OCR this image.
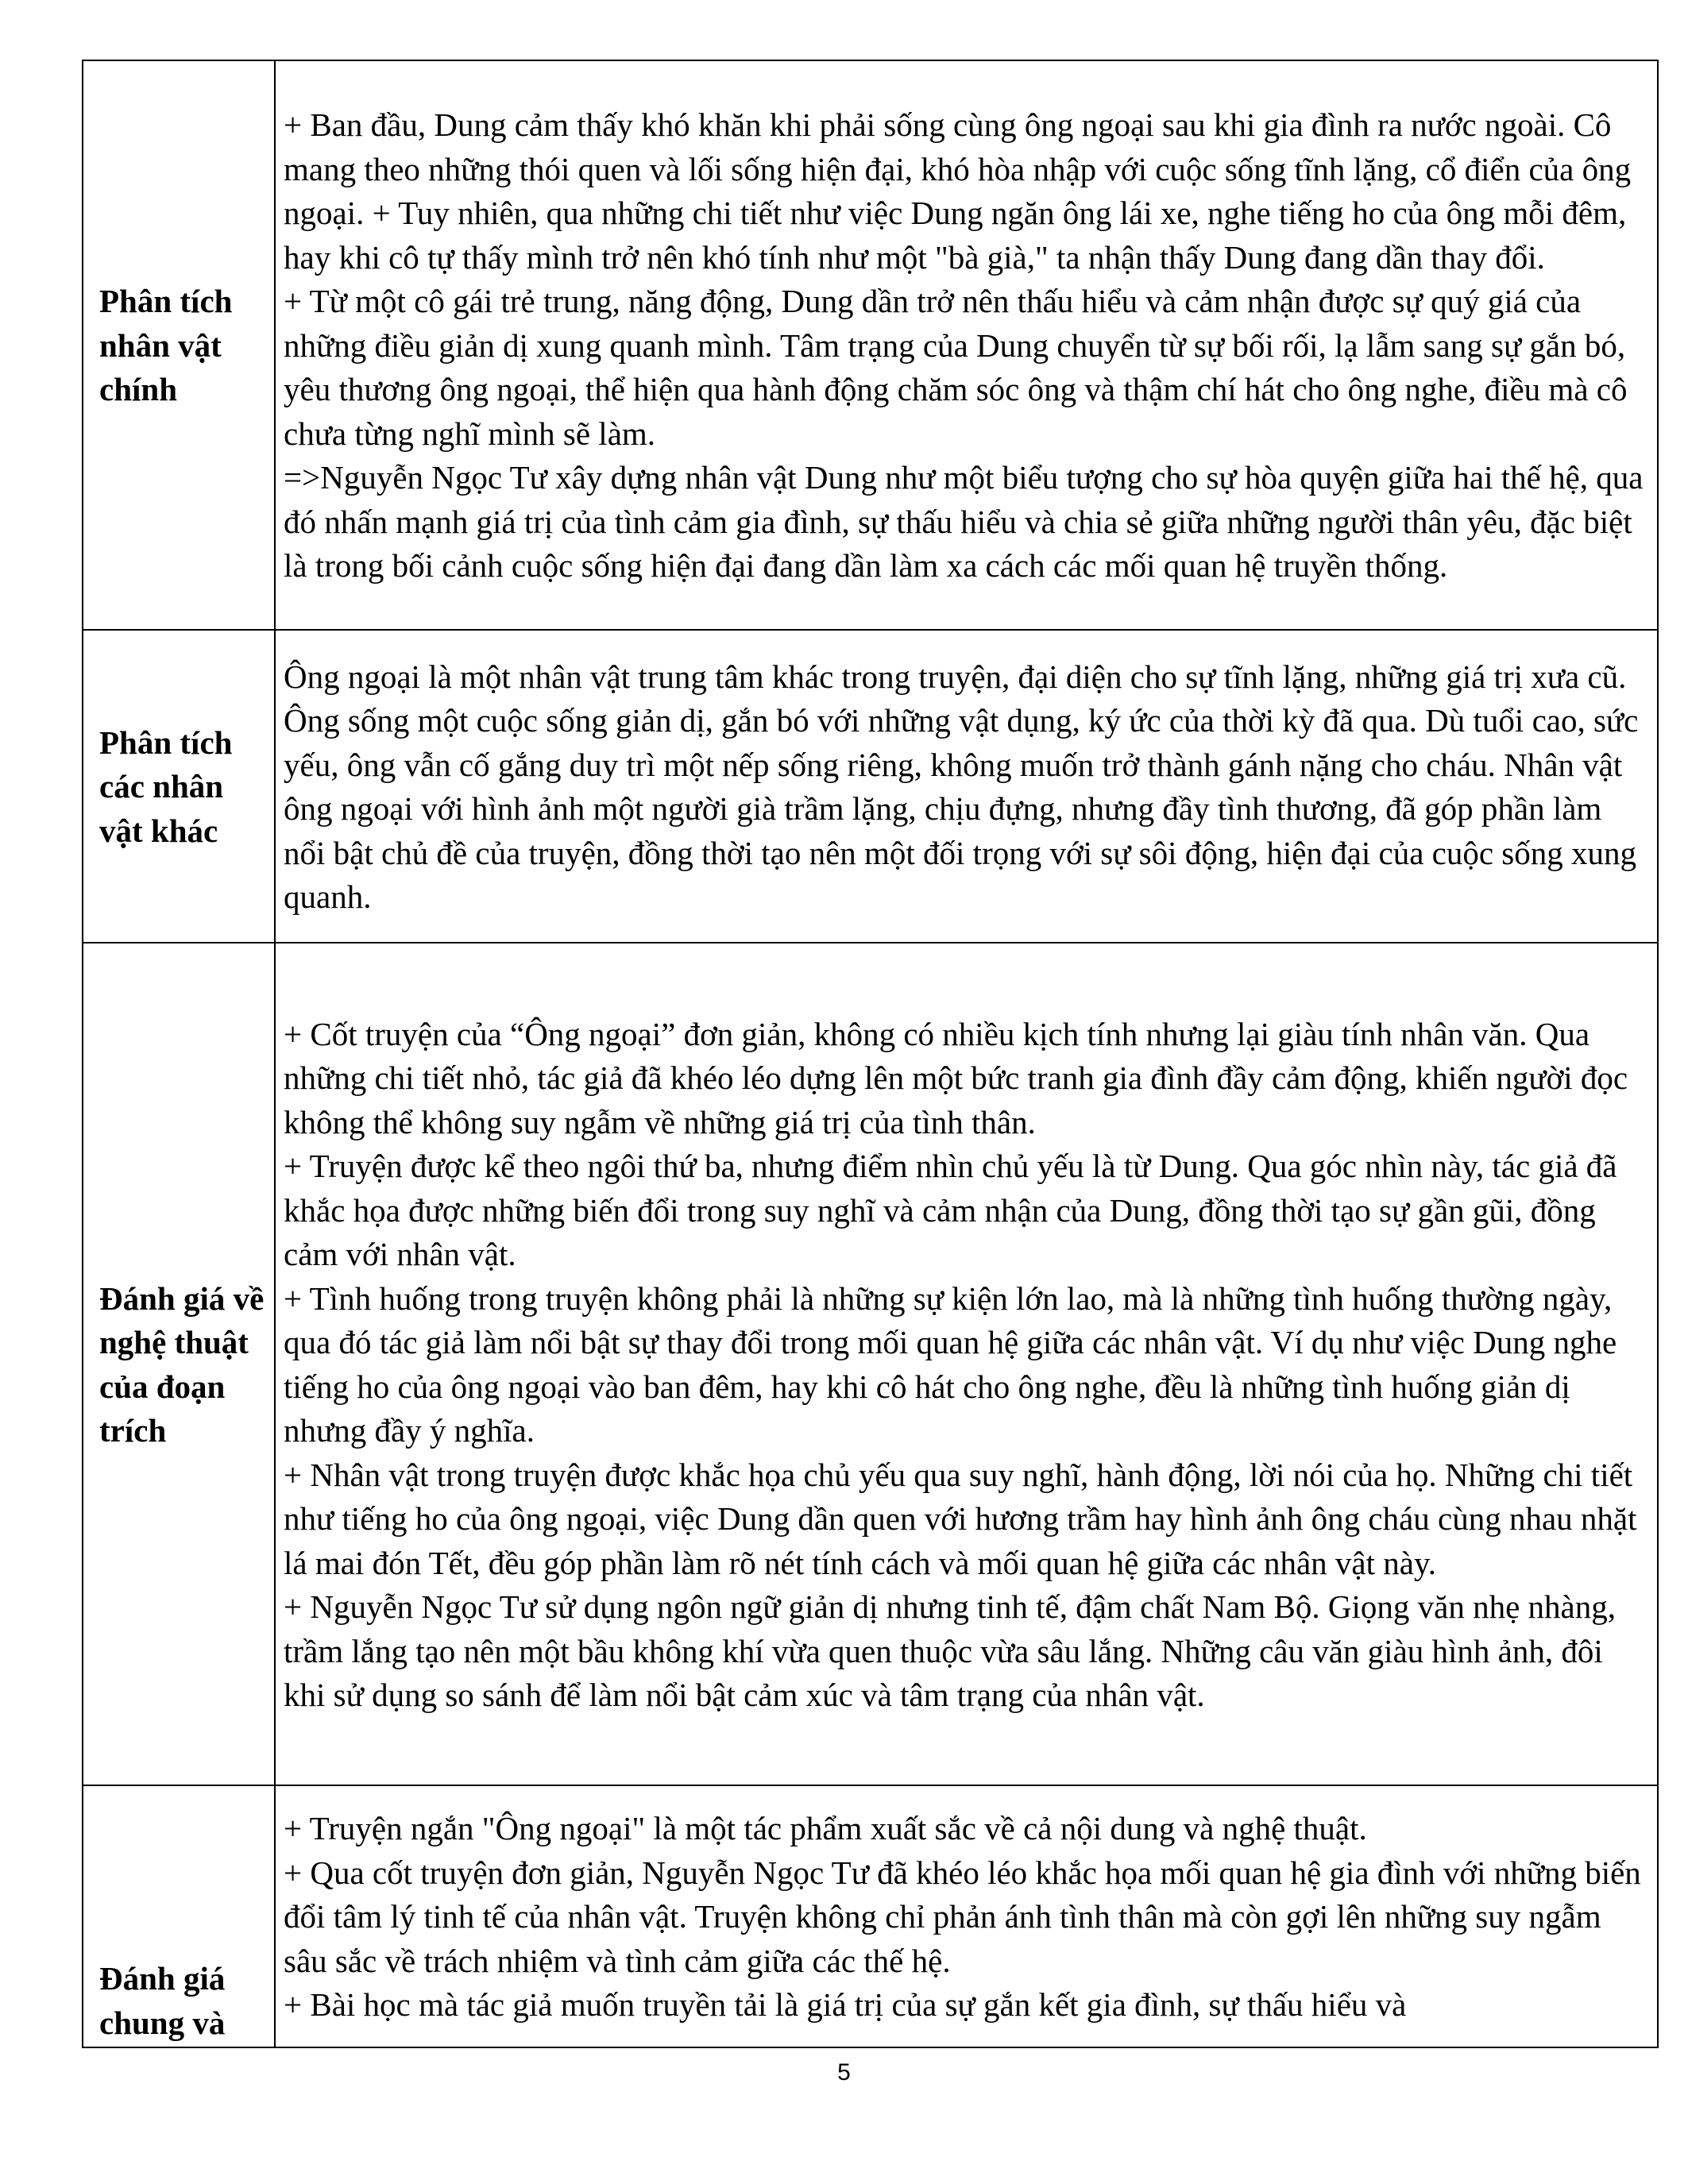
Phân tích nhân vật chính	+ Ban đầu, Dung cảm thấy khó khăn khi phải sống cùng ông ngoại sau khi gia đình ra nước ngoài. Cô mang theo những thói quen và lối sống hiện đại, khó hòa nhập với cuộc sống tĩnh lặng, cổ điển của ông ngoại. + Tuy nhiên, qua những chi tiết như việc Dung ngăn ông lái xe, nghe tiếng ho của ông mỗi đêm, hay khi cô tự thấy mình trở nên khó tính như một "bà già," ta nhận thấy Dung đang dần thay đổi.

+ Từ một cô gái trẻ trung, năng động, Dung dần trở nên thấu hiểu và cảm nhận được sự quý giá của những điều giản dị xung quanh mình. Tâm trạng của Dung chuyển từ sự bối rối, lạ lẫm sang sự gắn bó, yêu thương ông ngoại, thể hiện qua hành động chăm sóc ông và thậm chí hát cho ông nghe, điều mà cô chưa từng nghĩ mình sẽ làm.

=>Nguyễn Ngọc Tư xây dựng nhân vật Dung như một biểu tượng cho sự hòa quyện giữa hai thế hệ, qua đó nhấn mạnh giá trị của tình cảm gia đình, sự thấu hiểu và chia sẻ giữa những người thân yêu, đặc biệt là trong bối cảnh cuộc sống hiện đại đang dần làm xa cách các mối quan hệ truyền thống.

Phân tích các nhân vật khác	Ông ngoại là một nhân vật trung tâm khác trong truyện, đại diện cho sự tĩnh lặng, những giá trị xưa cũ. Ông sống một cuộc sống giản dị, gắn bó với những vật dụng, ký ức của thời kỳ đã qua. Dù tuổi cao, sức yếu, ông vẫn cố gắng duy trì một nếp sống riêng, không muốn trở thành gánh nặng cho cháu. Nhân vật ông ngoại với hình ảnh một người già trầm lặng, chịu đựng, nhưng đầy tình thương, đã góp phần làm nổi bật chủ đề của truyện, đồng thời tạo nên một đối trọng với sự sôi động, hiện đại của cuộc sống xung quanh.

Đánh giá về nghệ thuật của đoạn trích	+ Cốt truyện của “Ông ngoại” đơn giản, không có nhiều kịch tính nhưng lại giàu tính nhân văn. Qua những chi tiết nhỏ, tác giả đã khéo léo dựng lên một bức tranh gia đình đầy cảm động, khiến người đọc không thể không suy ngẫm về những giá trị của tình thân.

+ Truyện được kể theo ngôi thứ ba, nhưng điểm nhìn chủ yếu là từ Dung. Qua góc nhìn này, tác giả đã khắc họa được những biến đổi trong suy nghĩ và cảm nhận của Dung, đồng thời tạo sự gần gũi, đồng cảm với nhân vật.

+ Tình huống trong truyện không phải là những sự kiện lớn lao, mà là những tình huống thường ngày, qua đó tác giả làm nổi bật sự thay đổi trong mối quan hệ giữa các nhân vật. Ví dụ như việc Dung nghe tiếng ho của ông ngoại vào ban đêm, hay khi cô hát cho ông nghe, đều là những tình huống giản dị nhưng đầy ý nghĩa.

+ Nhân vật trong truyện được khắc họa chủ yếu qua suy nghĩ, hành động, lời nói của họ. Những chi tiết như tiếng ho của ông ngoại, việc Dung dần quen với hương trầm hay hình ảnh ông cháu cùng nhau nhặt lá mai đón Tết, đều góp phần làm rõ nét tính cách và mối quan hệ giữa các nhân vật này.

+ Nguyễn Ngọc Tư sử dụng ngôn ngữ giản dị nhưng tinh tế, đậm chất Nam Bộ. Giọng văn nhẹ nhàng, trầm lắng tạo nên một bầu không khí vừa quen thuộc vừa sâu lắng. Những câu văn giàu hình ảnh, đôi khi sử dụng so sánh để làm nổi bật cảm xúc và tâm trạng của nhân vật.

Đánh giá chung và	+ Truyện ngắn "Ông ngoại" là một tác phẩm xuất sắc về cả nội dung và nghệ thuật.

+ Qua cốt truyện đơn giản, Nguyễn Ngọc Tư đã khéo léo khắc họa mối quan hệ gia đình với những biến đổi tâm lý tinh tế của nhân vật. Truyện không chỉ phản ánh tình thân mà còn gợi lên những suy ngẫm sâu sắc về trách nhiệm và tình cảm giữa các thế hệ.

+ Bài học mà tác giả muốn truyền tải là giá trị của sự gắn kết gia đình, sự thấu hiểu và

5
